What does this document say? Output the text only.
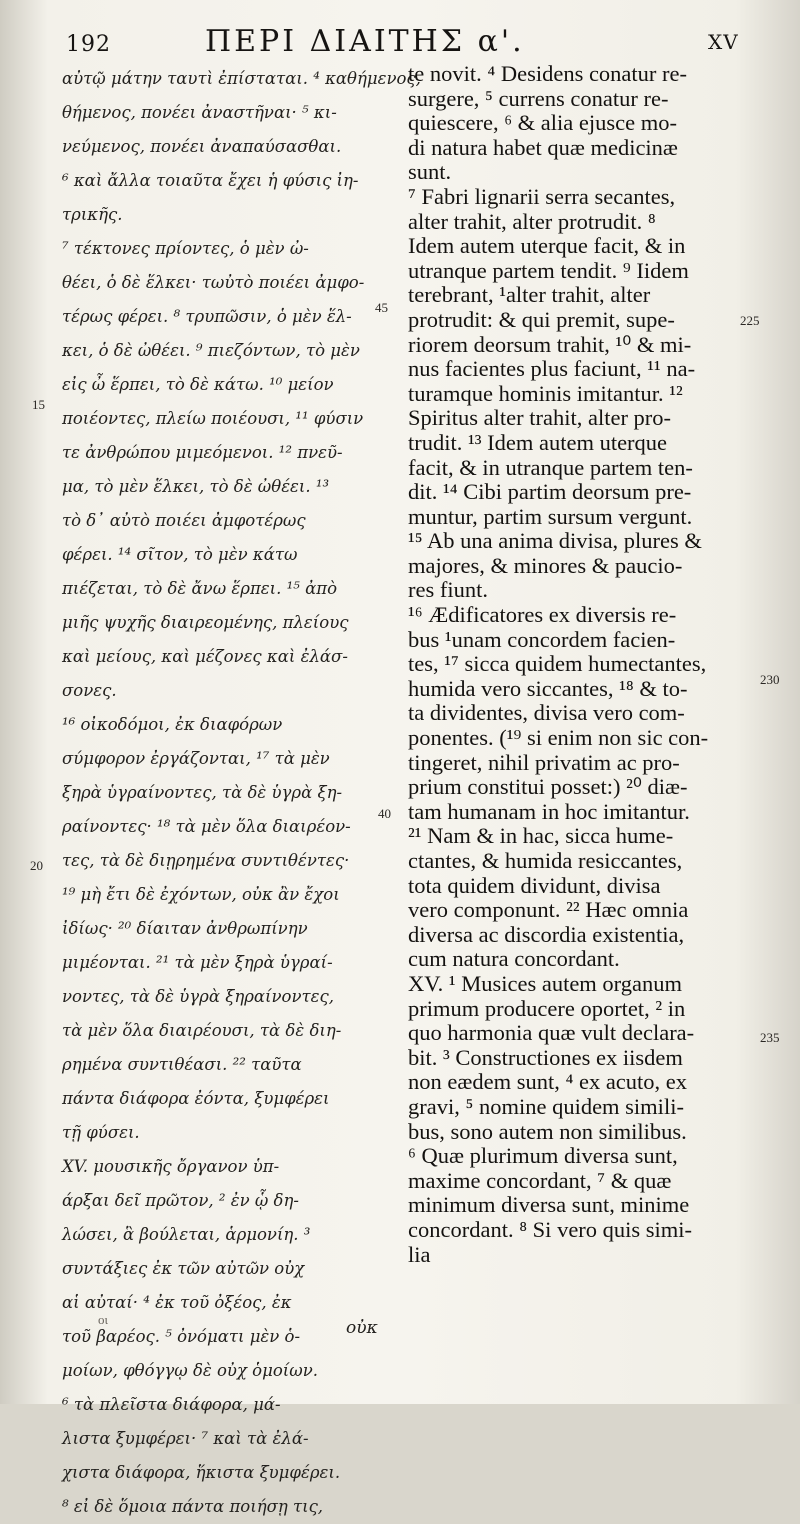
192	ΠΕΡΙ ΔΙΑΙΤΗΣ α'.	XV
αὐτῷ μάτην ταυτὶ ἐπίσταται. ⁴ καθήμενος,
θήμενος, πονέει ἀναστῆναι· ⁵ κι-
νεύμενος, πονέει ἀναπαύσασθαι.
⁶ καὶ ἄλλα τοιαῦτα ἔχει ἡ φύσις ἰη-
τρικῆς.
⁷ τέκτονες πρίοντες, ὁ μὲν ὠ-
θέει, ὁ δὲ ἕλκει· τωὐτὸ ποιέει ἀμφο-
τέρως φέρει. ⁸ τρυπῶσιν, ὁ μὲν ἕλ-
κει, ὁ δὲ ὠθέει. ⁹ πιεζόντων, τὸ μὲν
εἰς ὦ ἕρπει, τὸ δὲ κάτω. ¹⁰ μείον
ποιέοντες, πλείω ποιέουσι, ¹¹ φύσιν
τε ἀνθρώπου μιμεόμενοι. ¹² πνεῦ-
μα, τὸ μὲν ἕλκει, τὸ δὲ ὠθέει. ¹³
τὸ δ᾽ αὐτὸ ποιέει ἀμφοτέρως
φέρει. ¹⁴ σῖτον, τὸ μὲν κάτω
πιέζεται, τὸ δὲ ἄνω ἕρπει. ¹⁵ ἀπὸ
μιῆς ψυχῆς διαιρεομένης, πλείους
καὶ μείους, καὶ μέζονες καὶ ἐλάσ-
σονες.
¹⁶ οἰκοδόμοι, ἐκ διαφόρων
σύμφορον ἐργάζονται, ¹⁷ τὰ μὲν
ξηρὰ ὑγραίνοντες, τὰ δὲ ὑγρὰ ξη-
ραίνοντες· ¹⁸ τὰ μὲν ὅλα διαιρέον-
τες, τὰ δὲ διῃρημένα συντιθέντες·
¹⁹ μὴ ἔτι δὲ ἐχόντων, οὐκ ἂν ἔχοι
ἰδίως· ²⁰ δίαιταν ἀνθρωπίνην
μιμέονται. ²¹ τὰ μὲν ξηρὰ ὑγραί-
νοντες, τὰ δὲ ὑγρὰ ξηραίνοντες,
τὰ μὲν ὅλα διαιρέουσι, τὰ δὲ διη-
ρημένα συντιθέασι. ²² ταῦτα
πάντα διάφορα ἐόντα, ξυμφέρει
τῇ φύσει.
XV. μουσικῆς ὄργανον ὑπ-
άρξαι δεῖ πρῶτον, ² ἐν ᾧ δη-
λώσει, ἃ βούλεται, ἁρμονίη. ³
συντάξιες ἐκ τῶν αὐτῶν οὐχ
αἱ αὐταί· ⁴ ἐκ τοῦ ὀξέος, ἐκ
τοῦ βαρέος. ⁵ ὀνόματι μὲν ὁ-
μοίων, φθόγγῳ δὲ οὐχ ὁμοίων.
⁶ τὰ πλεῖστα διάφορα, μά-
λιστα ξυμφέρει· ⁷ καὶ τὰ ἐλά-
χιστα διάφορα, ἥκιστα ξυμφέρει.
⁸ εἰ δὲ ὅμοια πάντα ποιήσῃ τις,
te novit. ⁴ Desidens conatur re-
surgere, ⁵ currens conatur re-
quiescere, ⁶ & alia ejusce mo-
di natura habet quæ medicinæ
sunt.
⁷ Fabri lignarii serra secantes,
alter trahit, alter protrudit. ⁸
Idem autem uterque facit, & in
utranque partem tendit. ⁹ Iidem
terebrant, ¹alter trahit, alter
protrudit: & qui premit, supe-
riorem deorsum trahit, ¹⁰ & mi-
nus facientes plus faciunt, ¹¹ na-
turamque hominis imitantur. ¹²
Spiritus alter trahit, alter pro-
trudit. ¹³ Idem autem uterque
facit, & in utranque partem ten-
dit. ¹⁴ Cibi partim deorsum pre-
muntur, partim sursum vergunt.
¹⁵ Ab una anima divisa, plures &
majores, & minores & paucio-
res fiunt.
¹⁶ Ædificatores ex diversis re-
bus ¹unam concordem facien-
tes, ¹⁷ sicca quidem humectantes,
humida vero siccantes, ¹⁸ & to-
ta dividentes, divisa vero com-
ponentes. (¹⁹ si enim non sic con-
tingeret, nihil privatim ac pro-
prium constitui posset:) ²⁰ diæ-
tam humanam in hoc imitantur.
²¹ Nam & in hac, sicca hume-
ctantes, & humida resiccantes,
tota quidem dividunt, divisa
vero componunt. ²² Hæc omnia
diversa ac discordia existentia,
cum natura concordant.
XV. ¹ Musices autem organum
primum producere oportet, ² in
quo harmonia quæ vult declara-
bit. ³ Constructiones ex iisdem
non eædem sunt, ⁴ ex acuto, ex
gravi, ⁵ nomine quidem simili-
bus, sono autem non similibus.
⁶ Quæ plurimum diversa sunt,
maxime concordant, ⁷ & quæ
minimum diversa sunt, minime
concordant. ⁸ Si vero quis simi-
lia
15
45
40
20
225
230
235
οι	οὐκ
